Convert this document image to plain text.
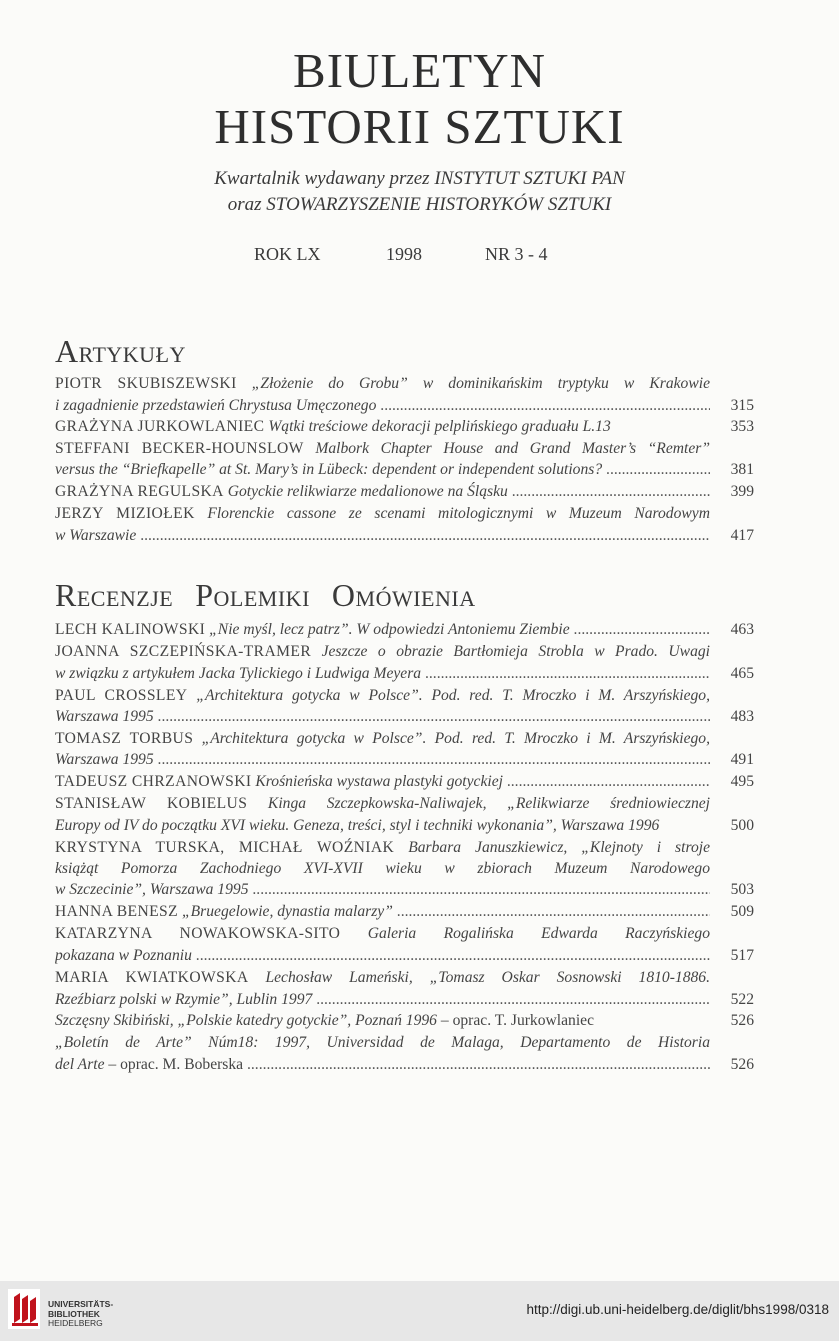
BIULETYN
HISTORII SZTUKI
Kwartalnik wydawany przez INSTYTUT SZTUKI PAN
oraz STOWARZYSZENIE HISTORYKÓW SZTUKI
ROK LX	1998	NR 3 - 4
Artykuły
PIOTR SKUBISZEWSKI „Złożenie do Grobu” w dominikańskim tryptyku w Krakowie
i zagadnienie przedstawień Chrystusa Umęczonego .....	315
GRAŻYNA JURKOWLANIEC Wątki treściowe dekoracji pelplińskiego graduału L.13	353
STEFFANI BECKER-HOUNSLOW Malbork Chapter House and Grand Master’s “Remter”
versus the “Briefkapelle” at St. Mary’s in Lübeck: dependent or independent solutions? .....	381
GRAŻYNA REGULSKA Gotyckie relikwiarze medalionowe na Śląsku .....	399
JERZY MIZIOŁEK Florenckie cassone ze scenami mitologicznymi w Muzeum Narodowym
w Warszawie .....	417
Recenzje Polemiki Omówienia
LECH KALINOWSKI „Nie myśl, lecz patrz”. W odpowiedzi Antoniemu Ziembie .....	463
JOANNA SZCZEPIŃSKA-TRAMER Jeszcze o obrazie Bartłomieja Strobla w Prado. Uwagi
w związku z artykułem Jacka Tylickiego i Ludwiga Meyera .....	465
PAUL CROSSLEY „Architektura gotycka w Polsce”. Pod. red. T. Mroczko i M. Arszyńskiego,
Warszawa 1995 .....	483
TOMASZ TORBUS „Architektura gotycka w Polsce”. Pod. red. T. Mroczko i M. Arszyńskiego,
Warszawa 1995 .....	491
TADEUSZ CHRZANOWSKI Krośnieńska wystawa plastyki gotyckiej .....	495
STANISŁAW KOBIELUS Kinga Szczepkowska-Naliwajek, „Relikwiarze średniowiecznej
Europy od IV do początku XVI wieku. Geneza, treści, styl i techniki wykonania”, Warszawa 1996	500
KRYSTYNA TURSKA, MICHAŁ WOŹNIAK Barbara Januszkiewicz, „Klejnoty i stroje
książąt Pomorza Zachodniego XVI-XVII wieku w zbiorach Muzeum Narodowego
w Szczecinie”, Warszawa 1995 .....	503
HANNA BENESZ „Bruegelowie, dynastia malarzy” .....	509
KATARZYNA NOWAKOWSKA-SITO Galeria Rogalińska Edwarda Raczyńskiego
pokazana w Poznaniu .....	517
MARIA KWIATKOWSKA Lechosław Lameński, „Tomasz Oskar Sosnowski 1810-1886.
Rzeźbiarz polski w Rzymie”, Lublin 1997 .....	522
Szczęsny Skibiński, „Polskie katedry gotyckie”, Poznań 1996 – oprac. T. Jurkowlaniec	526
„Boletín de Arte” Núm18: 1997, Universidad de Malaga, Departamento de Historia
del Arte – oprac. M. Boberska .....	526
UNIVERSITÄTS-
BIBLIOTHEK
HEIDELBERG
http://digi.ub.uni-heidelberg.de/diglit/bhs1998/0318
